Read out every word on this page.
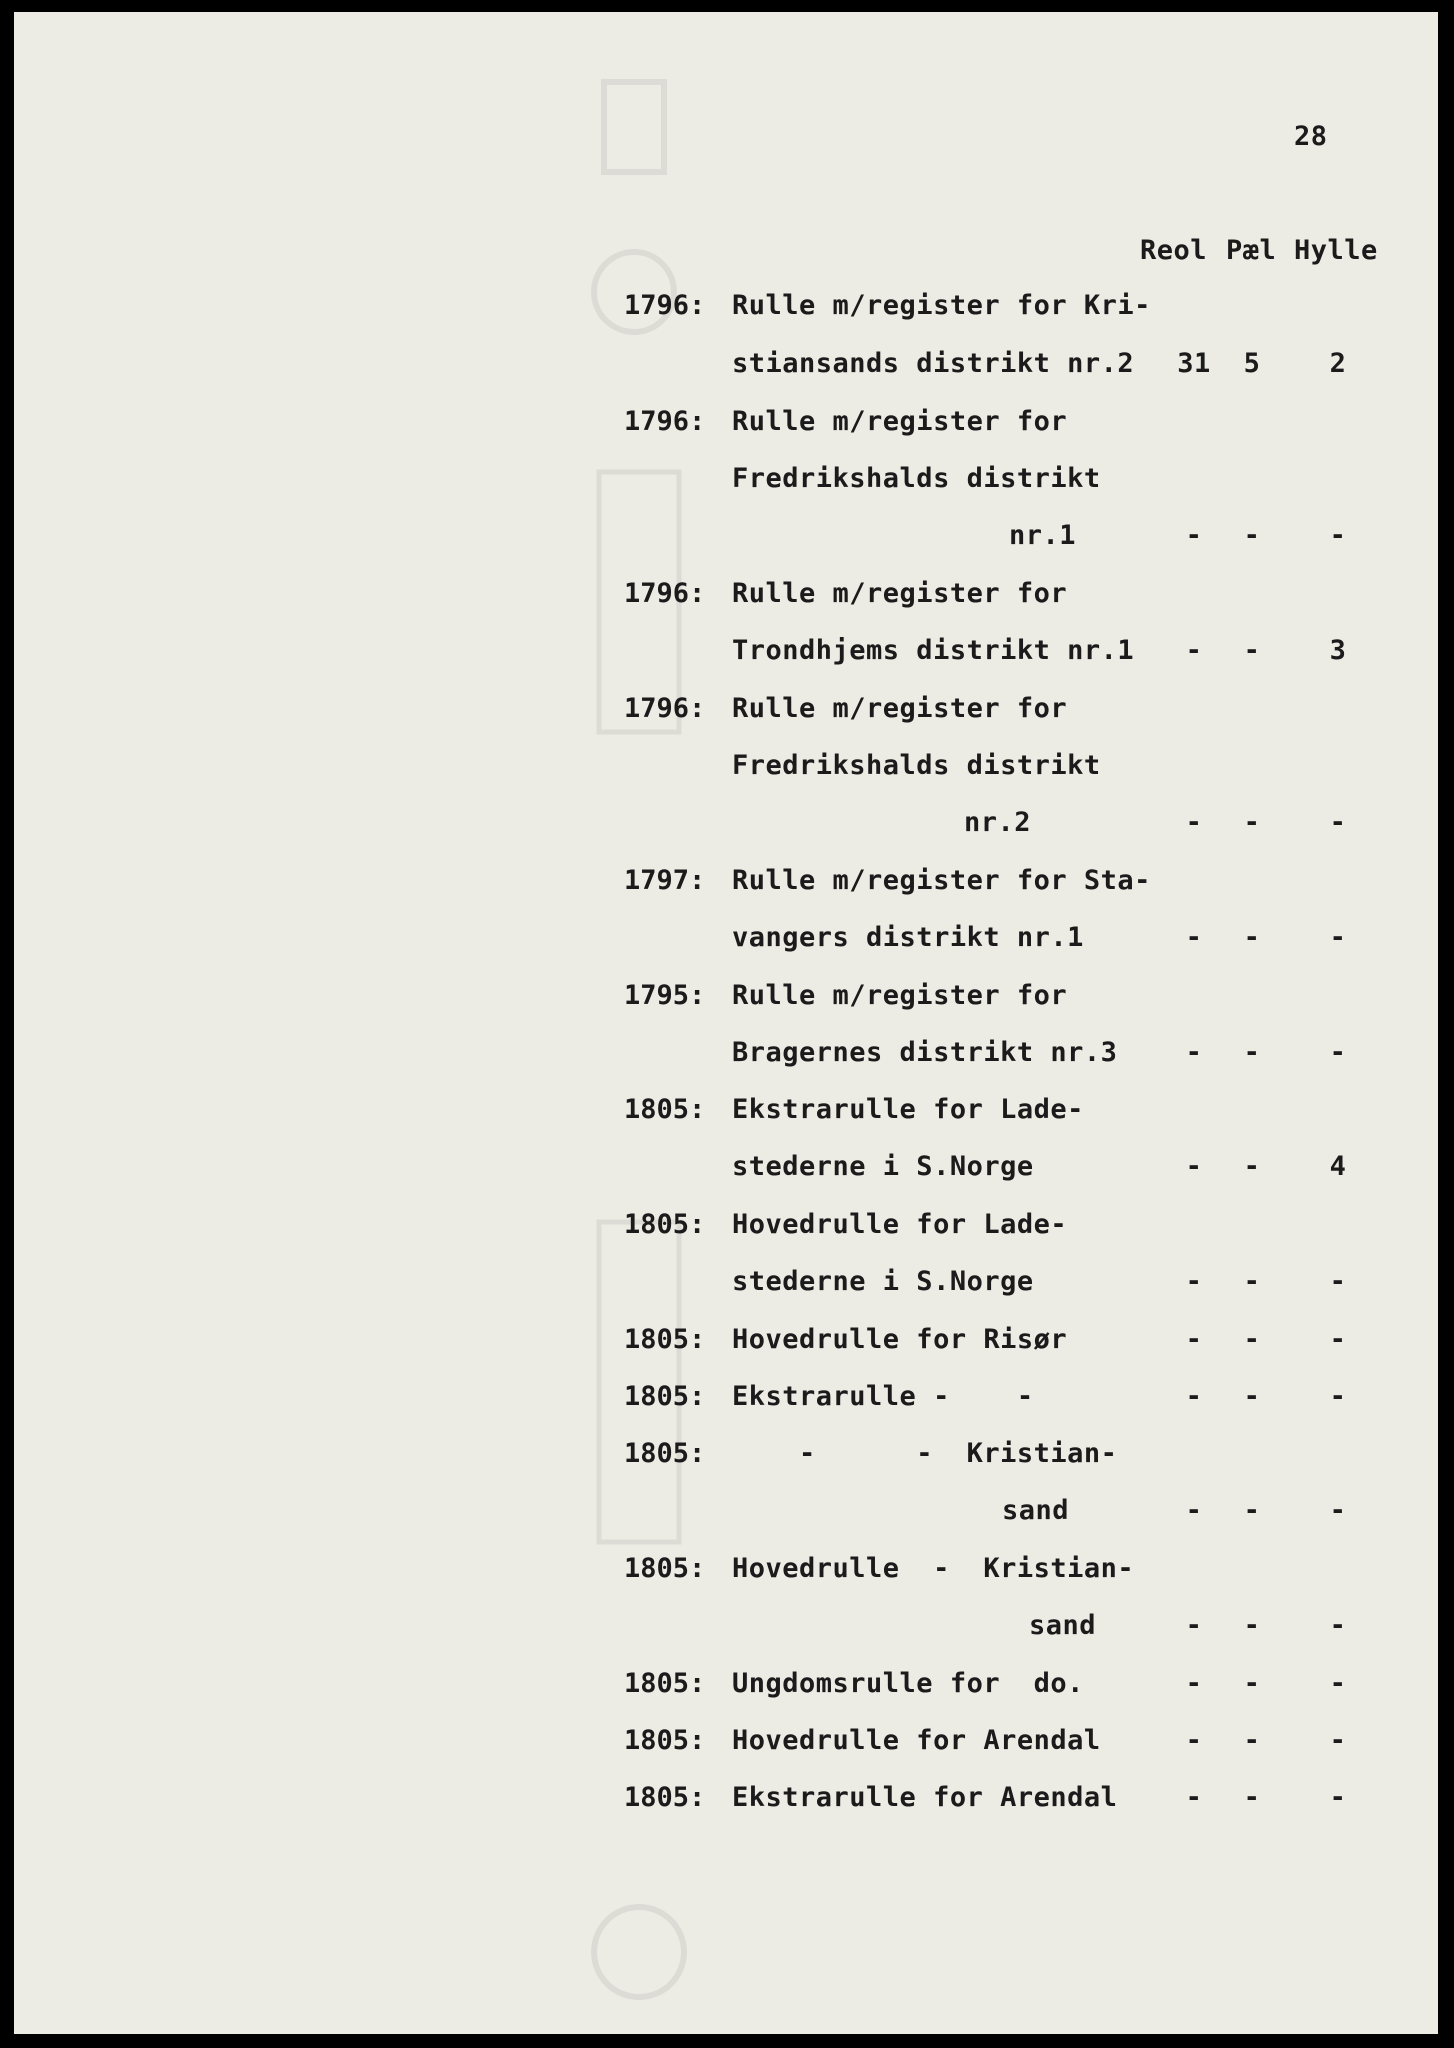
28
Reol Pæl Hylle
1796: Rulle m/register for Kri-
stiansands distrikt nr.2	31	5	2
1796: Rulle m/register for
Fredrikshalds distrikt
nr.1	-	-	-
1796: Rulle m/register for
Trondhjems distrikt nr.1	-	-	3
1796: Rulle m/register for
Fredrikshalds distrikt
nr.2	-	-	-
1797: Rulle m/register for Sta-
vangers distrikt nr.1	-	-	-
1795: Rulle m/register for
Bragernes distrikt nr.3	-	-	-
1805: Ekstrarulle for Lade-
stederne i S.Norge	-	-	4
1805: Hovedrulle for Lade-
stederne i S.Norge	-	-	-
1805: Hovedrulle for Risør	-	-	-
1805: Ekstrarulle -    -	-	-	-
1805: -      -  Kristian-
sand	-	-	-
1805: Hovedrulle  -  Kristian-
sand	-	-	-
1805: Ungdomsrulle for  do.	-	-	-
1805: Hovedrulle for Arendal	-	-	-
1805: Ekstrarulle for Arendal	-	-	-
